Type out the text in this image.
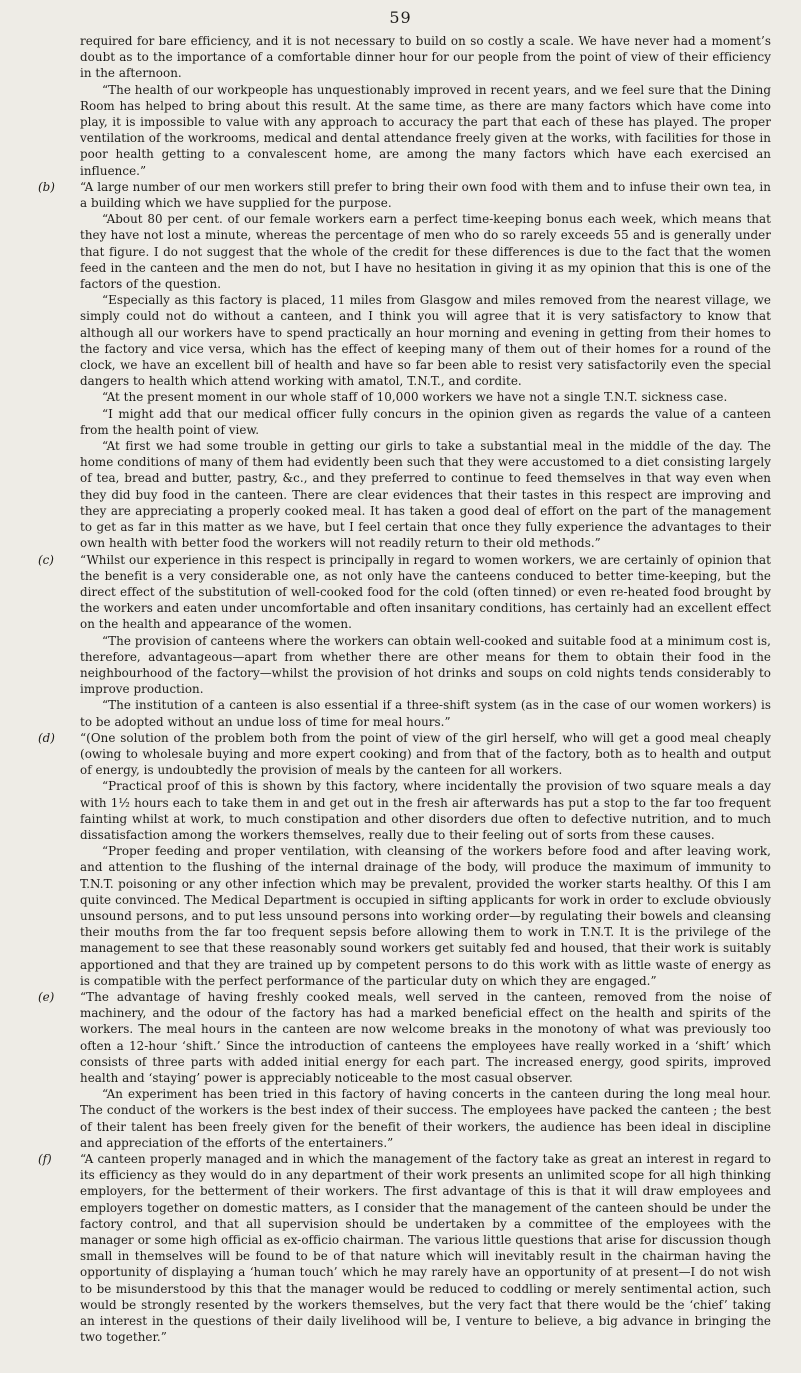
59

required for bare efficiency, and it is not necessary to build on so costly a scale. We have never had a moment’s doubt as to the importance of a comfortable dinner hour for our people from the point of view of their efficiency in the afternoon.

“The health of our workpeople has unquestionably improved in recent years, and we feel sure that the Dining Room has helped to bring about this result. At the same time, as there are many factors which have come into play, it is impossible to value with any approach to accuracy the part that each of these has played. The proper ventilation of the workrooms, medical and dental attendance freely given at the works, with facilities for those in poor health getting to a convalescent home, are among the many factors which have each exercised an influence.”

(b)	“A large number of our men workers still prefer to bring their own food with them and to infuse their own tea, in a building which we have supplied for the purpose.

“About 80 per cent. of our female workers earn a perfect time-keeping bonus each week, which means that they have not lost a minute, whereas the percentage of men who do so rarely exceeds 55 and is generally under that figure. I do not suggest that the whole of the credit for these differences is due to the fact that the women feed in the canteen and the men do not, but I have no hesitation in giving it as my opinion that this is one of the factors of the question.

“Especially as this factory is placed, 11 miles from Glasgow and miles removed from the nearest village, we simply could not do without a canteen, and I think you will agree that it is very satisfactory to know that although all our workers have to spend practically an hour morning and evening in getting from their homes to the factory and vice versa, which has the effect of keeping many of them out of their homes for a round of the clock, we have an excellent bill of health and have so far been able to resist very satisfactorily even the special dangers to health which attend working with amatol, T.N.T., and cordite.

“At the present moment in our whole staff of 10,000 workers we have not a single T.N.T. sickness case.

“I might add that our medical officer fully concurs in the opinion given as regards the value of a canteen from the health point of view.

“At first we had some trouble in getting our girls to take a substantial meal in the middle of the day. The home conditions of many of them had evidently been such that they were accustomed to a diet consisting largely of tea, bread and butter, pastry, &c., and they preferred to continue to feed themselves in that way even when they did buy food in the canteen. There are clear evidences that their tastes in this respect are improving and they are appreciating a properly cooked meal. It has taken a good deal of effort on the part of the management to get as far in this matter as we have, but I feel certain that once they fully experience the advantages to their own health with better food the workers will not readily return to their old methods.”

(c)	“Whilst our experience in this respect is principally in regard to women workers, we are certainly of opinion that the benefit is a very considerable one, as not only have the canteens conduced to better time-keeping, but the direct effect of the substitution of well-cooked food for the cold (often tinned) or even re-heated food brought by the workers and eaten under uncomfortable and often insanitary conditions, has certainly had an excellent effect on the health and appearance of the women.

“The provision of canteens where the workers can obtain well-cooked and suitable food at a minimum cost is, therefore, advantageous—apart from whether there are other means for them to obtain their food in the neighbourhood of the factory—whilst the provision of hot drinks and soups on cold nights tends considerably to improve production.

“The institution of a canteen is also essential if a three-shift system (as in the case of our women workers) is to be adopted without an undue loss of time for meal hours.”

(d)	“(One solution of the problem both from the point of view of the girl herself, who will get a good meal cheaply (owing to wholesale buying and more expert cooking) and from that of the factory, both as to health and output of energy, is undoubtedly the provision of meals by the canteen for all workers.

“Practical proof of this is shown by this factory, where incidentally the provision of two square meals a day with 1½ hours each to take them in and get out in the fresh air afterwards has put a stop to the far too frequent fainting whilst at work, to much constipation and other disorders due often to defective nutrition, and to much dissatisfaction among the workers themselves, really due to their feeling out of sorts from these causes.

“Proper feeding and proper ventilation, with cleansing of the workers before food and after leaving work, and attention to the flushing of the internal drainage of the body, will produce the maximum of immunity to T.N.T. poisoning or any other infection which may be prevalent, provided the worker starts healthy. Of this I am quite convinced. The Medical Department is occupied in sifting applicants for work in order to exclude obviously unsound persons, and to put less unsound persons into working order—by regulating their bowels and cleansing their mouths from the far too frequent sepsis before allowing them to work in T.N.T. It is the privilege of the management to see that these reasonably sound workers get suitably fed and housed, that their work is suitably apportioned and that they are trained up by competent persons to do this work with as little waste of energy as is compatible with the perfect performance of the particular duty on which they are engaged.”

(e)	“The advantage of having freshly cooked meals, well served in the canteen, removed from the noise of machinery, and the odour of the factory has had a marked beneficial effect on the health and spirits of the workers. The meal hours in the canteen are now welcome breaks in the monotony of what was previously too often a 12-hour ‘shift.’ Since the introduction of canteens the employees have really worked in a ‘shift’ which consists of three parts with added initial energy for each part. The increased energy, good spirits, improved health and ‘staying’ power is appreciably noticeable to the most casual observer.

“An experiment has been tried in this factory of having concerts in the canteen during the long meal hour. The conduct of the workers is the best index of their success. The employees have packed the canteen ; the best of their talent has been freely given for the benefit of their workers, the audience has been ideal in discipline and appreciation of the efforts of the entertainers.”

(f)	“A canteen properly managed and in which the management of the factory take as great an interest in regard to its efficiency as they would do in any department of their work presents an unlimited scope for all high thinking employers, for the betterment of their workers. The first advantage of this is that it will draw employees and employers together on domestic matters, as I consider that the management of the canteen should be under the factory control, and that all supervision should be undertaken by a committee of the employees with the manager or some high official as ex-officio chairman. The various little questions that arise for discussion though small in themselves will be found to be of that nature which will inevitably result in the chairman having the opportunity of displaying a ‘human touch’ which he may rarely have an opportunity of at present—I do not wish to be misunderstood by this that the manager would be reduced to coddling or merely sentimental action, such would be strongly resented by the workers themselves, but the very fact that there would be the ‘chief’ taking an interest in the questions of their daily livelihood will be, I venture to believe, a big advance in bringing the two together.”
